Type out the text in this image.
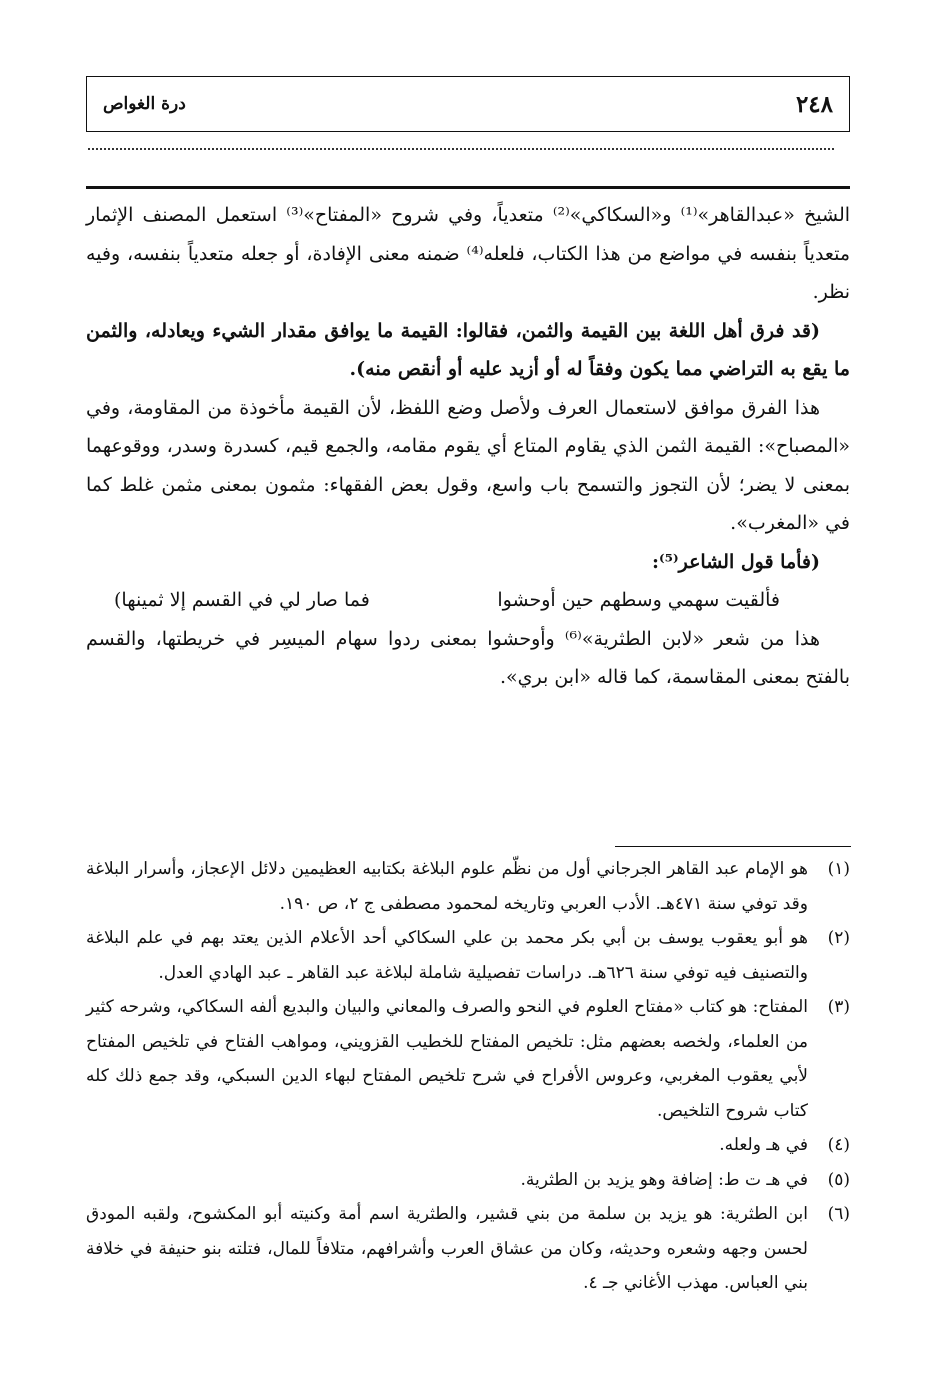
٢٤٨
درة الغواص

الشيخ «عبدالقاهر»⁽¹⁾ و«السكاكي»⁽²⁾ متعدياً، وفي شروح «المفتاح»⁽³⁾ استعمل المصنف الإثمار متعدياً بنفسه في مواضع من هذا الكتاب، فلعله⁽⁴⁾ ضمنه معنى الإفادة، أو جعله متعدياً بنفسه، وفيه نظر.

(قد فرق أهل اللغة بين القيمة والثمن، فقالوا: القيمة ما يوافق مقدار الشيء ويعادله، والثمن ما يقع به التراضي مما يكون وفقاً له أو أزيد عليه أو أنقص منه).

هذا الفرق موافق لاستعمال العرف ولأصل وضع اللفظ، لأن القيمة مأخوذة من المقاومة، وفي «المصباح»: القيمة الثمن الذي يقاوم المتاع أي يقوم مقامه، والجمع قيم، كسدرة وسدر، ووقوعهما بمعنى لا يضر؛ لأن التجوز والتسمح باب واسع، وقول بعض الفقهاء: مثمون بمعنى مثمن غلط كما في «المغرب».

(فأما قول الشاعر⁽⁵⁾:

فألقيت سهمي وسطهم حين أوحشوا
فما صار لي في القسم إلا ثمينها)

هذا من شعر «لابن الطثرية»⁽⁶⁾ وأوحشوا بمعنى ردوا سهام الميسِر في خريطتها، والقسم بالفتح بمعنى المقاسمة، كما قاله «ابن بري».

(١)
هو الإمام عبد القاهر الجرجاني أول من نظّم علوم البلاغة بكتابيه العظيمين دلائل الإعجاز، وأسرار البلاغة وقد توفي سنة ٤٧١هـ. الأدب العربي وتاريخه لمحمود مصطفى ج ٢، ص ١٩٠.
(٢)
هو أبو يعقوب يوسف بن أبي بكر محمد بن علي السكاكي أحد الأعلام الذين يعتد بهم في علم البلاغة والتصنيف فيه توفي سنة ٦٢٦هـ. دراسات تفصيلية شاملة لبلاغة عبد القاهر ـ عبد الهادي العدل.
(٣)
المفتاح: هو كتاب «مفتاح العلوم في النحو والصرف والمعاني والبيان والبديع ألفه السكاكي، وشرحه كثير من العلماء، ولخصه بعضهم مثل: تلخيص المفتاح للخطيب القزويني، ومواهب الفتاح في تلخيص المفتاح لأبي يعقوب المغربي، وعروس الأفراح في شرح تلخيص المفتاح لبهاء الدين السبكي، وقد جمع ذلك كله كتاب شروح التلخيص.
(٤)
في هـ ولعله.
(٥)
في هـ ت ط: إضافة وهو يزيد بن الطثرية.
(٦)
ابن الطثرية: هو يزيد بن سلمة من بني قشير، والطثرية اسم أمة وكنيته أبو المكشوح، ولقبه المودق لحسن وجهه وشعره وحديثه، وكان من عشاق العرب وأشرافهم، متلافاً للمال، فتلته بنو حنيفة في خلافة بني العباس. مهذب الأغاني جـ ٤.
